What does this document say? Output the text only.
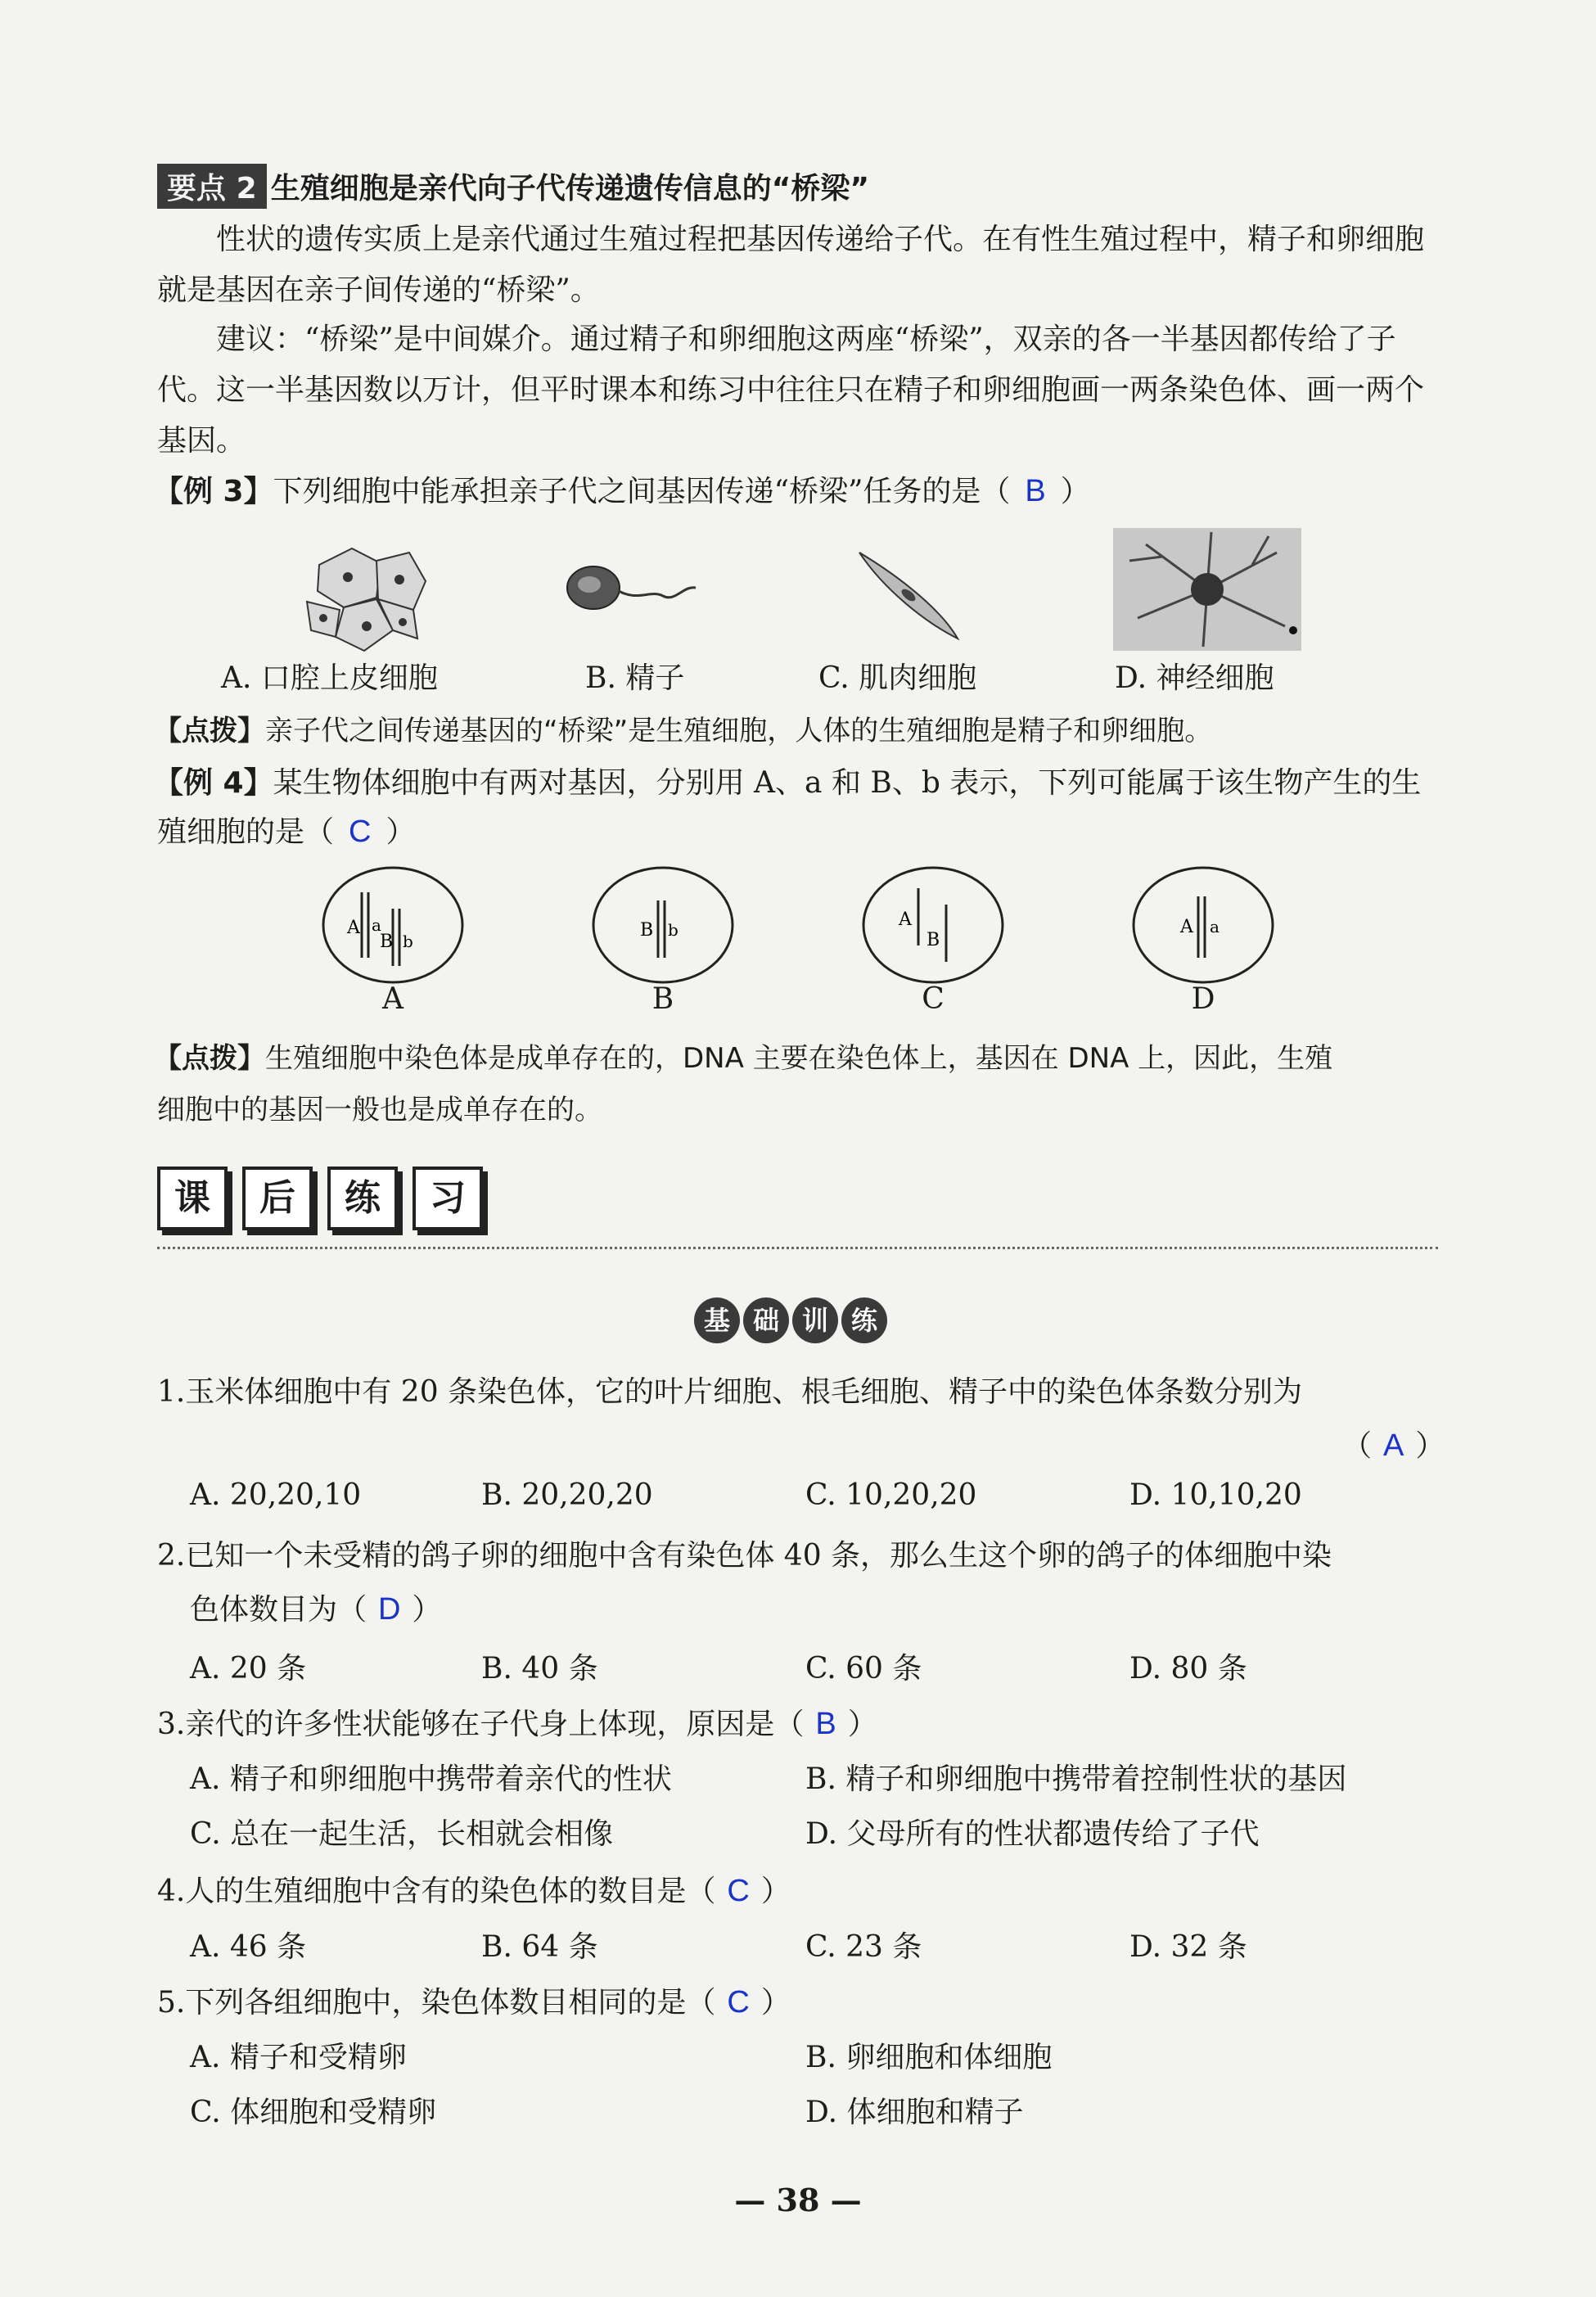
要点 2 生殖细胞是亲代向子代传递遗传信息的“桥梁”
性状的遗传实质上是亲代通过生殖过程把基因传递给子代。在有性生殖过程中，精子和卵细胞就是基因在亲子间传递的“桥梁”。
建议：“桥梁”是中间媒介。通过精子和卵细胞这两座“桥梁”，双亲的各一半基因都传给了子代。这一半基因数以万计，但平时课本和练习中往往只在精子和卵细胞画一两条染色体、画一两个基因。
【例 3】下列细胞中能承担亲子代之间基因传递“桥梁”任务的是（ B ）
A. 口腔上皮细胞	B. 精子	C. 肌肉细胞	D. 神经细胞
【点拨】亲子代之间传递基因的“桥梁”是生殖细胞，人体的生殖细胞是精子和卵细胞。
【例 4】某生物体细胞中有两对基因，分别用 A、a 和 B、b 表示，下列可能属于该生物产生的生
殖细胞的是（ C ）
A a
B b
B b	A
B
A a
A	B	C	D
【点拨】生殖细胞中染色体是成单存在的，DNA 主要在染色体上，基因在 DNA 上，因此，生殖
细胞中的基因一般也是成单存在的。
课 后 练 习
基 础 训 练
1.玉米体细胞中有 20 条染色体，它的叶片细胞、根毛细胞、精子中的染色体条数分别为
（ A ）
A. 20,20,10	B. 20,20,20	C. 10,20,20	D. 10,10,20
2.已知一个未受精的鸽子卵的细胞中含有染色体 40 条，那么生这个卵的鸽子的体细胞中染
色体数目为（ D ）
A. 20 条	B. 40 条	C. 60 条	D. 80 条
3.亲代的许多性状能够在子代身上体现，原因是（ B ）
A. 精子和卵细胞中携带着亲代的性状	B. 精子和卵细胞中携带着控制性状的基因
C. 总在一起生活，长相就会相像	D. 父母所有的性状都遗传给了子代
4.人的生殖细胞中含有的染色体的数目是（ C ）
A. 46 条	B. 64 条	C. 23 条	D. 32 条
5.下列各组细胞中，染色体数目相同的是（ C ）
A. 精子和受精卵	B. 卵细胞和体细胞
C. 体细胞和受精卵	D. 体细胞和精子
— 38 —
